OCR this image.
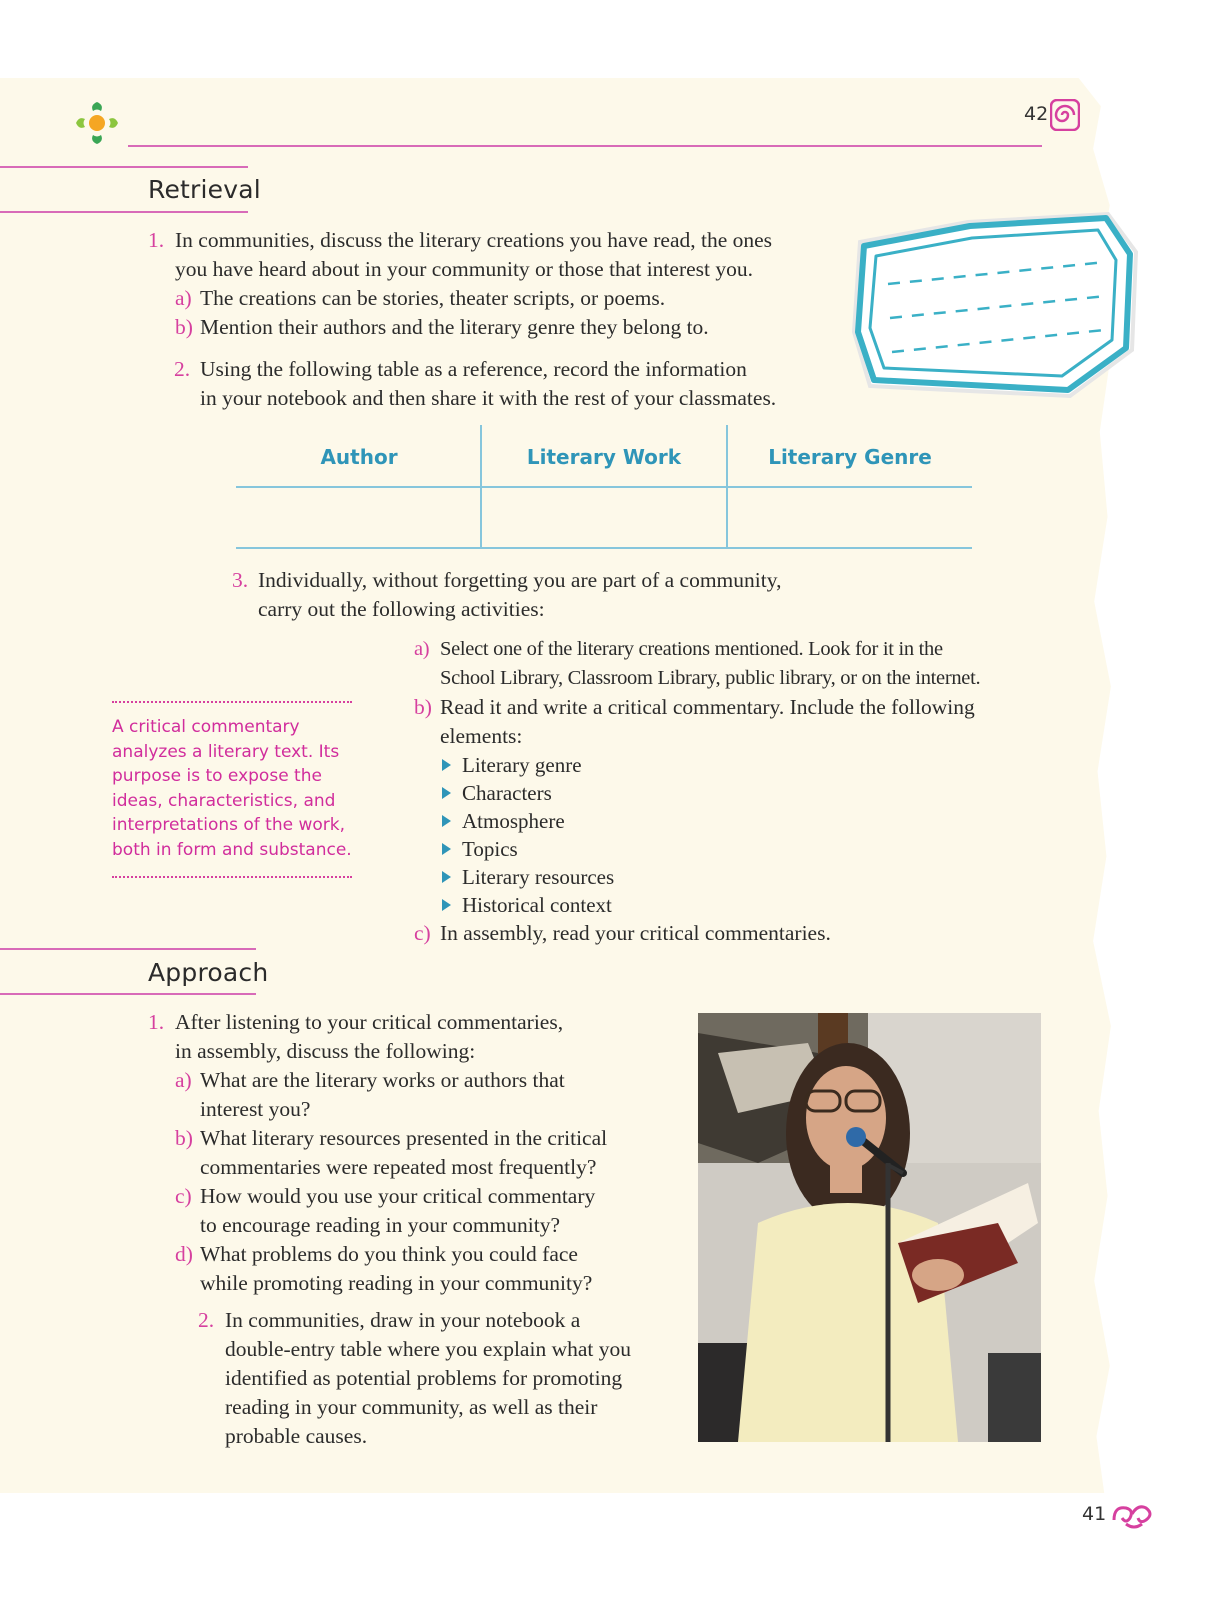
42
Retrieval
1. In communities, discuss the literary creations you have read, the ones
you have heard about in your community or those that interest you.
a) The creations can be stories, theater scripts, or poems.
b) Mention their authors and the literary genre they belong to.
2. Using the following table as a reference, record the information
in your notebook and then share it with the rest of your classmates.
Author	Literary Work	Literary Genre
3. Individually, without forgetting you are part of a community,
carry out the following activities:
a) Select one of the literary creations mentioned. Look for it in the
School Library, Classroom Library, public library, or on the internet.
b) Read it and write a critical commentary. Include the following
elements:
Literary genre
Characters
Atmosphere
Topics
Literary resources
Historical context
c) In assembly, read your critical commentaries.
A critical commentary
analyzes a literary text. Its
purpose is to expose the
ideas, characteristics, and
interpretations of the work,
both in form and substance.
Approach
1. After listening to your critical commentaries,
in assembly, discuss the following:
a) What are the literary works or authors that
interest you?
b) What literary resources presented in the critical
commentaries were repeated most frequently?
c) How would you use your critical commentary
to encourage reading in your community?
d) What problems do you think you could face
while promoting reading in your community?
2. In communities, draw in your notebook a
double-entry table where you explain what you
identified as potential problems for promoting
reading in your community, as well as their
probable causes.
41
